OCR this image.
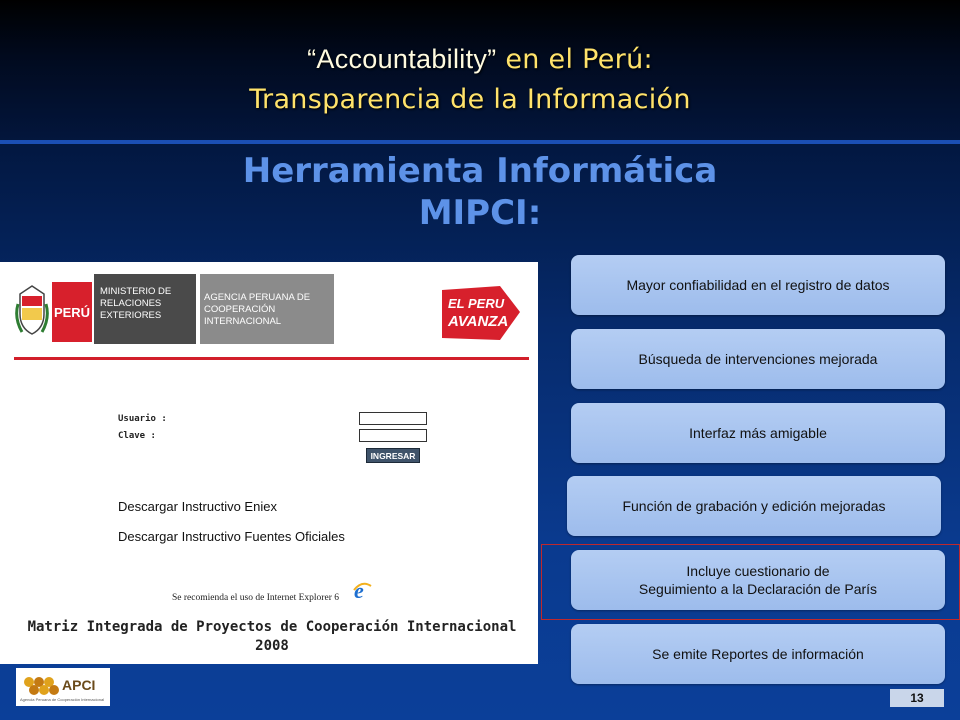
“Accountability” en el Perú:
Transparencia de la Información
Herramienta Informática
MIPCI:
PERÚ
MINISTERIO DE RELACIONES EXTERIORES
AGENCIA PERUANA DE COOPERACIÓN INTERNACIONAL
EL PERU
AVANZA
Usuario :
Clave :
INGRESAR
Descargar Instructivo Eniex
Descargar Instructivo Fuentes Oficiales
Se recomienda el uso de Internet Explorer 6 e
Matriz Integrada de Proyectos de Cooperación Internacional
2008
Mayor confiabilidad en el registro de datos
Búsqueda de intervenciones mejorada
Interfaz más amigable
Función de grabación y edición mejoradas
Incluye cuestionario de
Seguimiento a la Declaración de París
Se emite Reportes de información
APCI
Agencia Peruana de Cooperación Internacional	13
